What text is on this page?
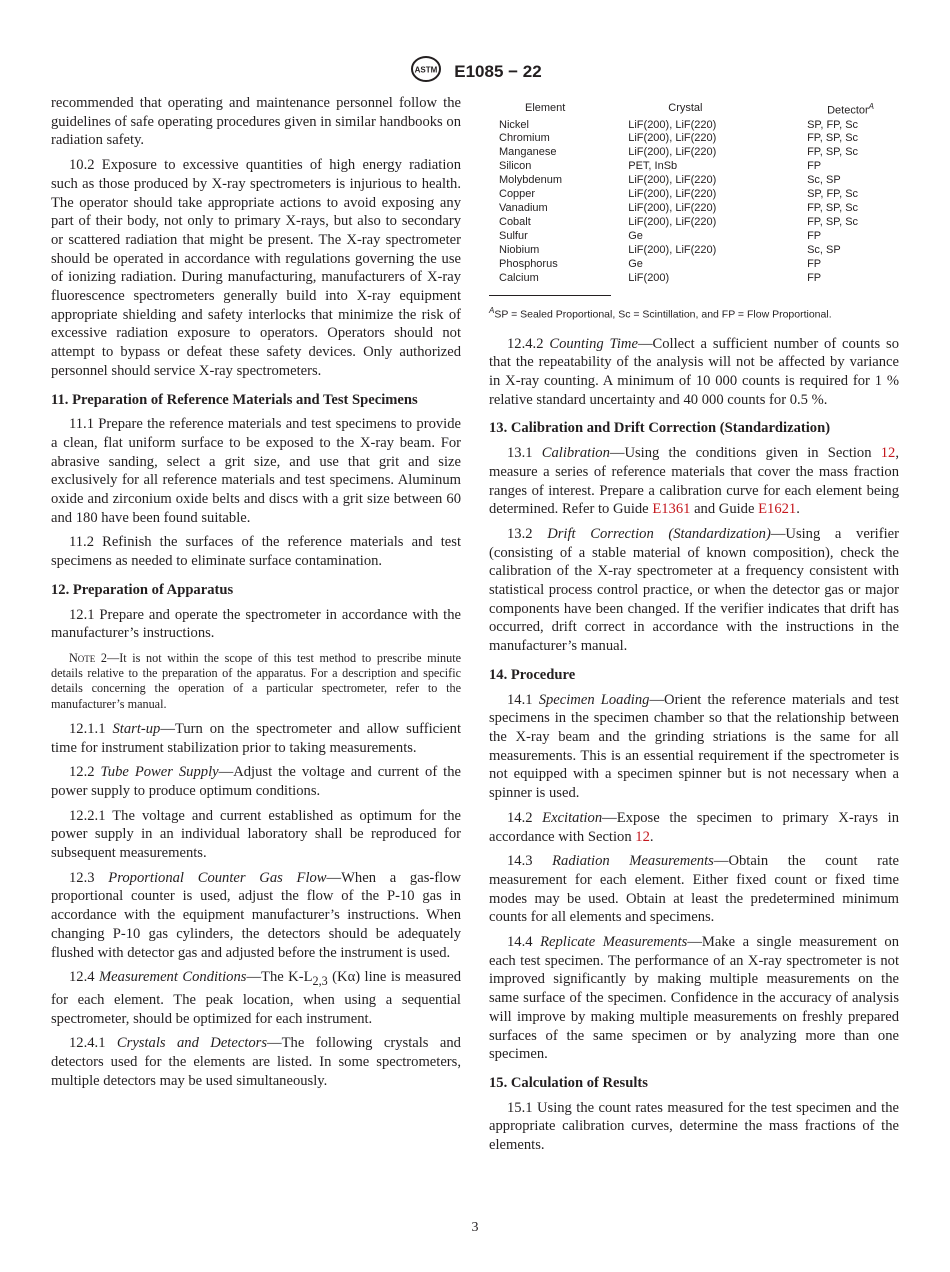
ASTM E1085 − 22

recommended that operating and maintenance personnel follow the guidelines of safe operating procedures given in similar handbooks on radiation safety.

10.2 Exposure to excessive quantities of high energy radiation such as those produced by X-ray spectrometers is injurious to health. The operator should take appropriate actions to avoid exposing any part of their body, not only to primary X-rays, but also to secondary or scattered radiation that might be present. The X-ray spectrometer should be operated in accordance with regulations governing the use of ionizing radiation. During manufacturing, manufacturers of X-ray fluorescence spectrometers generally build into X-ray equipment appropriate shielding and safety interlocks that minimize the risk of excessive radiation exposure to operators. Operators should not attempt to bypass or defeat these safety devices. Only authorized personnel should service X-ray spectrometers.

11. Preparation of Reference Materials and Test Specimens

11.1 Prepare the reference materials and test specimens to provide a clean, flat uniform surface to be exposed to the X-ray beam. For abrasive sanding, select a grit size, and use that grit and size exclusively for all reference materials and test specimens. Aluminum oxide and zirconium oxide belts and discs with a grit size between 60 and 180 have been found suitable.

11.2 Refinish the surfaces of the reference materials and test specimens as needed to eliminate surface contamination.

12. Preparation of Apparatus

12.1 Prepare and operate the spectrometer in accordance with the manufacturer’s instructions.

Note 2—It is not within the scope of this test method to prescribe minute details relative to the preparation of the apparatus. For a description and specific details concerning the operation of a particular spectrometer, refer to the manufacturer’s manual.

12.1.1 Start-up—Turn on the spectrometer and allow sufficient time for instrument stabilization prior to taking measurements.

12.2 Tube Power Supply—Adjust the voltage and current of the power supply to produce optimum conditions.

12.2.1 The voltage and current established as optimum for the power supply in an individual laboratory shall be reproduced for subsequent measurements.

12.3 Proportional Counter Gas Flow—When a gas-flow proportional counter is used, adjust the flow of the P-10 gas in accordance with the equipment manufacturer’s instructions. When changing P-10 gas cylinders, the detectors should be adequately flushed with detector gas and adjusted before the instrument is used.

12.4 Measurement Conditions—The $K-L_{2,3}$ (Kα) line is measured for each element. The peak location, when using a sequential spectrometer, should be optimized for each instrument.

12.4.1 Crystals and Detectors—The following crystals and detectors used for the elements are listed. In some spectrometers, multiple detectors may be used simultaneously.

Element	Crystal	Detector$^A$
Nickel	LiF(200), LiF(220)	SP, FP, Sc
Chromium	LiF(200), LiF(220)	FP, SP, Sc
Manganese	LiF(200), LiF(220)	FP, SP, Sc
Silicon	PET, InSb	FP
Molybdenum	LiF(200), LiF(220)	Sc, SP
Copper	LiF(200), LiF(220)	SP, FP, Sc
Vanadium	LiF(200), LiF(220)	FP, SP, Sc
Cobalt	LiF(200), LiF(220)	FP, SP, Sc
Sulfur	Ge	FP
Niobium	LiF(200), LiF(220)	Sc, SP
Phosphorus	Ge	FP
Calcium	LiF(200)	FP

$^A$SP = Sealed Proportional, Sc = Scintillation, and FP = Flow Proportional.

12.4.2 Counting Time—Collect a sufficient number of counts so that the repeatability of the analysis will not be affected by variance in X-ray counting. A minimum of 10 000 counts is required for 1 % relative standard uncertainty and 40 000 counts for 0.5 %.

13. Calibration and Drift Correction (Standardization)

13.1 Calibration—Using the conditions given in Section 12, measure a series of reference materials that cover the mass fraction ranges of interest. Prepare a calibration curve for each element being determined. Refer to Guide E1361 and Guide E1621.

13.2 Drift Correction (Standardization)—Using a verifier (consisting of a stable material of known composition), check the calibration of the X-ray spectrometer at a frequency consistent with statistical process control practice, or when the detector gas or major components have been changed. If the verifier indicates that drift has occurred, drift correct in accordance with the instructions in the manufacturer’s manual.

14. Procedure

14.1 Specimen Loading—Orient the reference materials and test specimens in the specimen chamber so that the relationship between the X-ray beam and the grinding striations is the same for all measurements. This is an essential requirement if the spectrometer is not equipped with a specimen spinner but is not necessary when a spinner is used.

14.2 Excitation—Expose the specimen to primary X-rays in accordance with Section 12.

14.3 Radiation Measurements—Obtain the count rate measurement for each element. Either fixed count or fixed time modes may be used. Obtain at least the predetermined minimum counts for all elements and specimens.

14.4 Replicate Measurements—Make a single measurement on each test specimen. The performance of an X-ray spectrometer is not improved significantly by making multiple measurements on the same surface of the specimen. Confidence in the accuracy of analysis will improve by making multiple measurements on freshly prepared surfaces of the same specimen or by analyzing more than one specimen.

15. Calculation of Results

15.1 Using the count rates measured for the test specimen and the appropriate calibration curves, determine the mass fractions of the elements.

3
